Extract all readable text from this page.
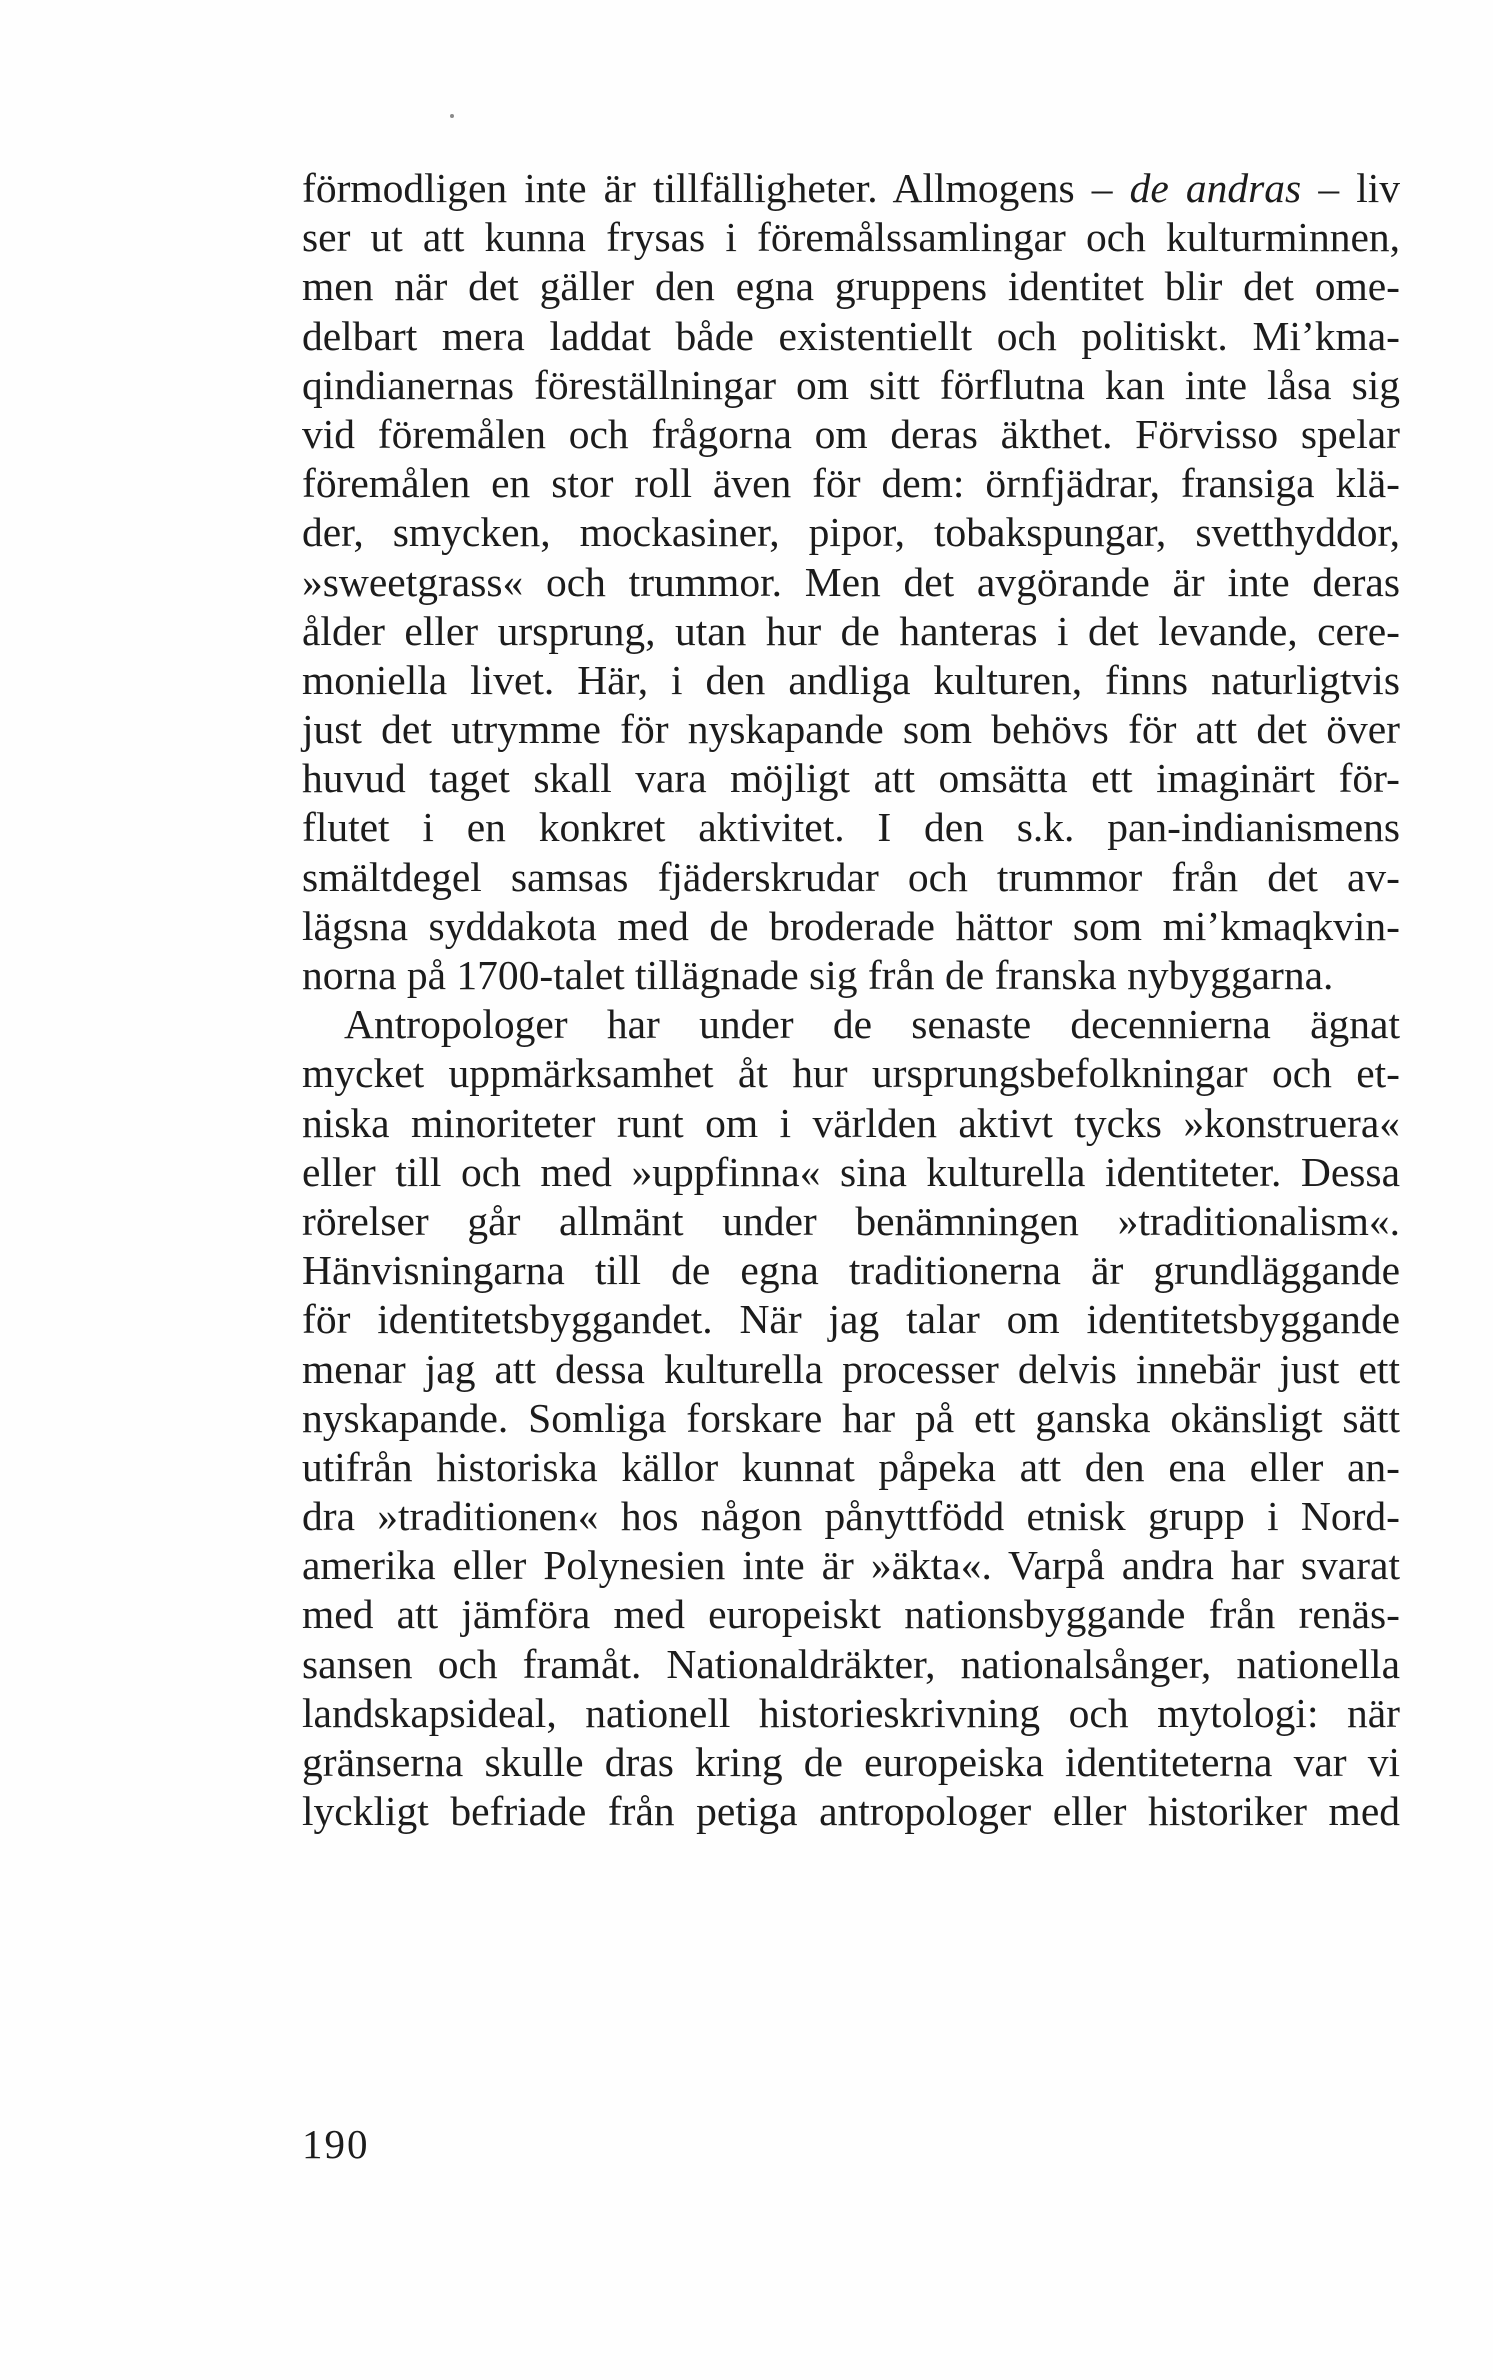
förmodligen inte är tillfälligheter. Allmogens – de andras – liv
ser ut att kunna frysas i föremålssamlingar och kulturminnen,
men när det gäller den egna gruppens identitet blir det ome-
delbart mera laddat både existentiellt och politiskt. Mi’kma-
qindianernas föreställningar om sitt förflutna kan inte låsa sig
vid föremålen och frågorna om deras äkthet. Förvisso spelar
föremålen en stor roll även för dem: örnfjädrar, fransiga klä-
der, smycken, mockasiner, pipor, tobakspungar, svetthyddor,
»sweetgrass« och trummor. Men det avgörande är inte deras
ålder eller ursprung, utan hur de hanteras i det levande, cere-
moniella livet. Här, i den andliga kulturen, finns naturligtvis
just det utrymme för nyskapande som behövs för att det över
huvud taget skall vara möjligt att omsätta ett imaginärt för-
flutet i en konkret aktivitet. I den s.k. pan-indianismens
smältdegel samsas fjäderskrudar och trummor från det av-
lägsna syddakota med de broderade hättor som mi’kmaqkvin-
norna på 1700-talet tillägnade sig från de franska nybyggarna.
Antropologer har under de senaste decennierna ägnat
mycket uppmärksamhet åt hur ursprungsbefolkningar och et-
niska minoriteter runt om i världen aktivt tycks »konstruera«
eller till och med »uppfinna« sina kulturella identiteter. Dessa
rörelser går allmänt under benämningen »traditionalism«.
Hänvisningarna till de egna traditionerna är grundläggande
för identitetsbyggandet. När jag talar om identitetsbyggande
menar jag att dessa kulturella processer delvis innebär just ett
nyskapande. Somliga forskare har på ett ganska okänsligt sätt
utifrån historiska källor kunnat påpeka att den ena eller an-
dra »traditionen« hos någon pånyttfödd etnisk grupp i Nord-
amerika eller Polynesien inte är »äkta«. Varpå andra har svarat
med att jämföra med europeiskt nationsbyggande från renäs-
sansen och framåt. Nationaldräkter, nationalsånger, nationella
landskapsideal, nationell historieskrivning och mytologi: när
gränserna skulle dras kring de europeiska identiteterna var vi
lyckligt befriade från petiga antropologer eller historiker med
190
